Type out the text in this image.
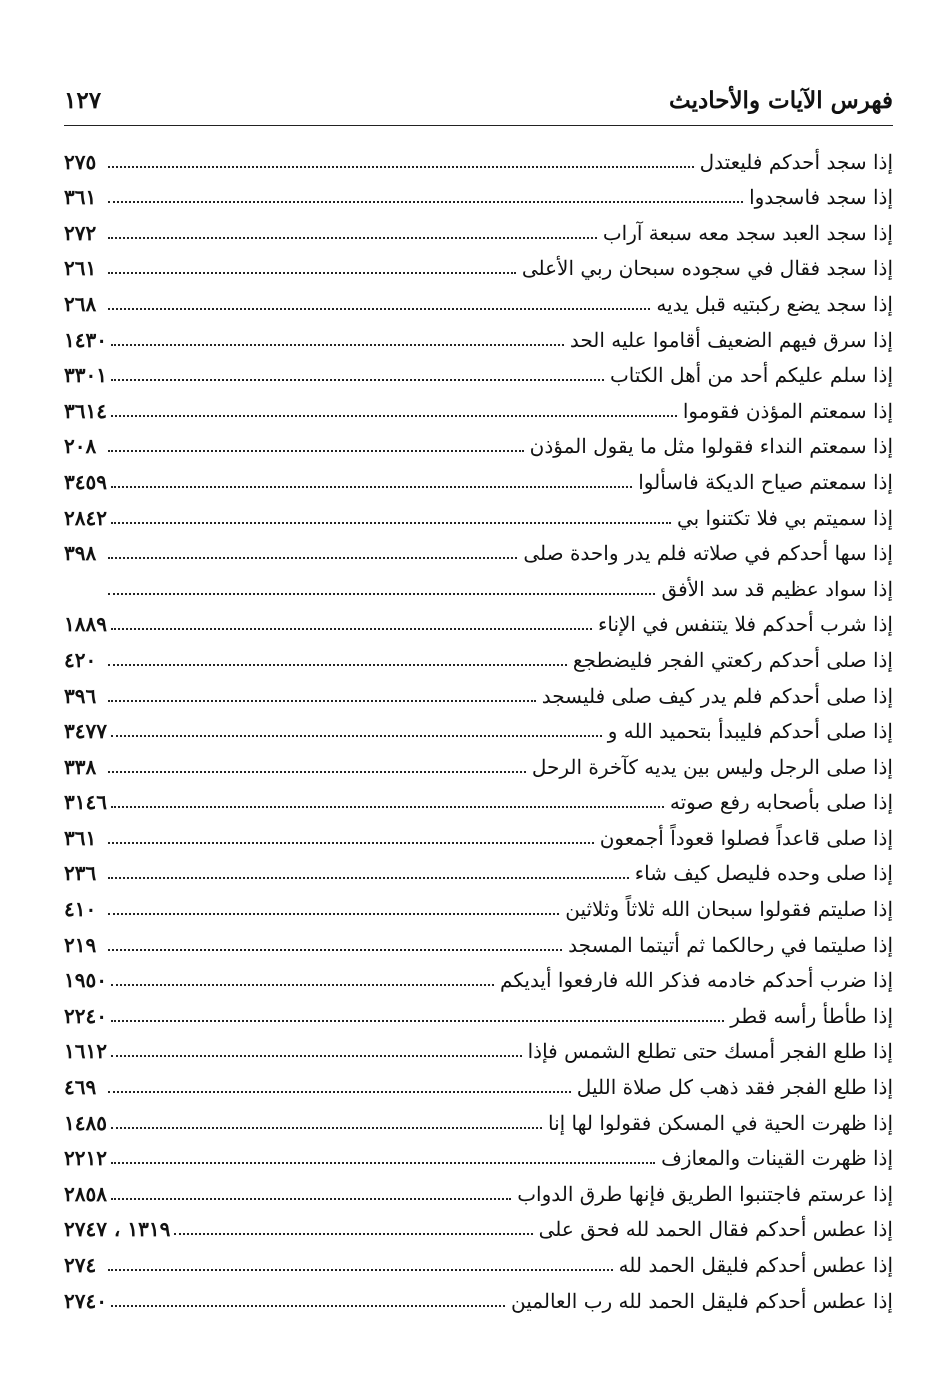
فهرس الآيات والأحاديث
١٢٧
إذا سجد أحدكم فليعتدل
٢٧٥
إذا سجد فاسجدوا
٣٦١
إذا سجد العبد سجد معه سبعة آراب
٢٧٢
إذا سجد فقال في سجوده سبحان ربي الأعلى
٢٦١
إذا سجد يضع ركبتيه قبل يديه
٢٦٨
إذا سرق فيهم الضعيف أقاموا عليه الحد
١٤٣٠
إذا سلم عليكم أحد من أهل الكتاب
٣٣٠١
إذا سمعتم المؤذن فقوموا
٣٦١٤
إذا سمعتم النداء فقولوا مثل ما يقول المؤذن
٢٠٨
إذا سمعتم صياح الديكة فاسألوا
٣٤٥٩
إذا سميتم بي فلا تكتنوا بي
٢٨٤٢
إذا سها أحدكم في صلاته فلم يدر واحدة صلى
٣٩٨
إذا سواد عظيم قد سد الأفق
إذا شرب أحدكم فلا يتنفس في الإناء
١٨٨٩
إذا صلى أحدكم ركعتي الفجر فليضطجع
٤٢٠
إذا صلى أحدكم فلم يدر كيف صلى فليسجد
٣٩٦
إذا صلى أحدكم فليبدأ بتحميد الله و
٣٤٧٧
إذا صلى الرجل وليس بين يديه كآخرة الرحل
٣٣٨
إذا صلى بأصحابه رفع صوته
٣١٤٦
إذا صلى قاعداً فصلوا قعوداً أجمعون
٣٦١
إذا صلى وحده فليصل كيف شاء
٢٣٦
إذا صليتم فقولوا سبحان الله ثلاثاً وثلاثين
٤١٠
إذا صليتما في رحالكما ثم أتيتما المسجد
٢١٩
إذا ضرب أحدكم خادمه فذكر الله فارفعوا أيديكم
١٩٥٠
إذا طأطأ رأسه قطر
٢٢٤٠
إذا طلع الفجر أمسك حتى تطلع الشمس فإذا
١٦١٢
إذا طلع الفجر فقد ذهب كل صلاة الليل
٤٦٩
إذا ظهرت الحية في المسكن فقولوا لها إنا
١٤٨٥
إذا ظهرت القينات والمعازف
٢٢١٢
إذا عرستم فاجتنبوا الطريق فإنها طرق الدواب
٢٨٥٨
إذا عطس أحدكم فقال الحمد لله فحق على
١٣١٩ ، ٢٧٤٧
إذا عطس أحدكم فليقل الحمد لله
٢٧٤
إذا عطس أحدكم فليقل الحمد لله رب العالمين
٢٧٤٠
